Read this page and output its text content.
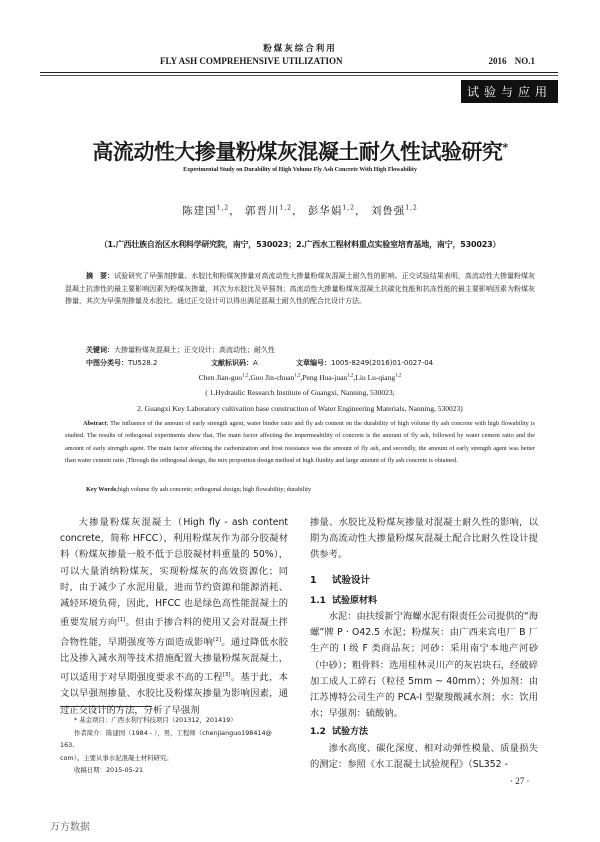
粉煤灰综合利用
FLY ASH COMPREHENSIVE UTILIZATION	2016 NO.1
试验与应用
高流动性大掺量粉煤灰混凝土耐久性试验研究*
Experimental Study on Durability of High Volume Fly Ash Concrete With High Flowability
陈建国$^{1,2}$， 郭晋川$^{1,2}$， 彭华娟$^{1,2}$， 刘鲁强$^{1,2}$
（1.广西壮族自治区水利科学研究院，南宁，530023；2.广西水工程材料重点实验室培育基地，南宁，530023）
摘　要：试验研究了早强剂掺量、水胶比和粉煤灰掺量对高流动性大掺量粉煤灰混凝土耐久性的影响。正交试验结果表明，高流动性大掺量粉煤灰混凝土抗渗性的最主要影响因素为粉煤灰掺量，其次为水胶比及早强剂；高流动性大掺量粉煤灰混凝土抗碳化性能和抗冻性能的最主要影响因素为粉煤灰掺量，其次为早强剂掺量及水胶比。通过正交设计可以得出满足混凝土耐久性的配合比设计方法。
关键词：大掺量粉煤灰混凝土；正交设计；高流动性；耐久性
中图分类号：TU528.2	文献标识码：A	文章编号：1005-8249(2016)01-0027-04
Chen Jian-guo$^{1,2}$,Guo Jin-chuan$^{1,2}$,Peng Hua-juan$^{1,2}$,Liu Lu-qiang$^{1,2}$
( 1.Hydraulic Research Institute of Guangxi, Nanning, 530023;
2. Guangxi Key Laboratory cultivation base construction of Water Engineering Materials, Nanning, 530023)
Abstract; The influence of the amount of early strength agent, water binder ratio and fly ash content on the durability of high volume fly ash concrete with high flowability is studied. The results of orthogonal experiments show that, The main factor affecting the impermeability of concrete is the amount of fly ash, followed by water cement ratio and the amount of early strength agent. The main factor affecting the carbonization and frost resistance was the amount of fly ash, and secondly, the amount of early strength agent was better than water cement ratio ,Through the orthogonal design, the mix proportion design method of high fluidity and large amount of fly ash concrete is obtained.
Key Words;high volume fly ash concrete; orthogonal design; high flowability; durability

大掺量粉煤灰混凝土（High fly - ash content concrete，简称 HFCC），利用粉煤灰作为部分胶凝材料（粉煤灰掺量一般不低于总胶凝材料重量的 50%），可以大量消纳粉煤灰，实现粉煤灰的高效资源化；同时，由于减少了水泥用量，进而节约资源和能源消耗、减轻环境负荷，因此，HFCC 也是绿色高性能混凝土的重要发展方向[1]。但由于掺合料的使用又会对混凝土拌合物性能，早期强度等方面造成影响[2]。通过降低水胶比及掺入减水剂等技术措施配置大掺量粉煤灰混凝土，可以适用于对早期强度要求不高的工程[3]。基于此，本文以早强剂掺量、水胶比及粉煤灰掺量为影响因素，通过正交设计的方法，分析了早强剂

掺量、水胶比及粉煤灰掺量对混凝土耐久性的影响，以期为高流动性大掺量粉煤灰混凝土配合比耐久性设计提供参考。

1 试验设计

1.1 试验原材料

水泥：由扶绥新宁海螺水泥有限责任公司提供的“海螺”牌 P · O42.5 水泥；粉煤灰：由广西来宾电厂 B 厂生产的 I 级 F 类商品灰；河砂：采用南宁本地产河砂（中砂）；粗骨料：选用桂林灵川产的灰岩块石，经破碎加工成人工碎石（粒径 5mm ~ 40mm）；外加剂：由江苏博特公司生产的 PCA-I 型聚羧酸减水剂；水：饮用水；早强剂：硫酸钠。

1.2 试验方法

渗水高度、碳化深度、相对动弹性模量、质量损失的测定：参照《水工混凝土试验规程》（SL352 -

* 基金项目：广西水利厅科技项目（201312，201419）

作者简介：陈建国（1984 - ），男，工程师（chenjianguo198414@ 163.

com）。主要从事水泥混凝土材料研究。

收稿日期：2015-05-21

· 27 ·
万方数据
